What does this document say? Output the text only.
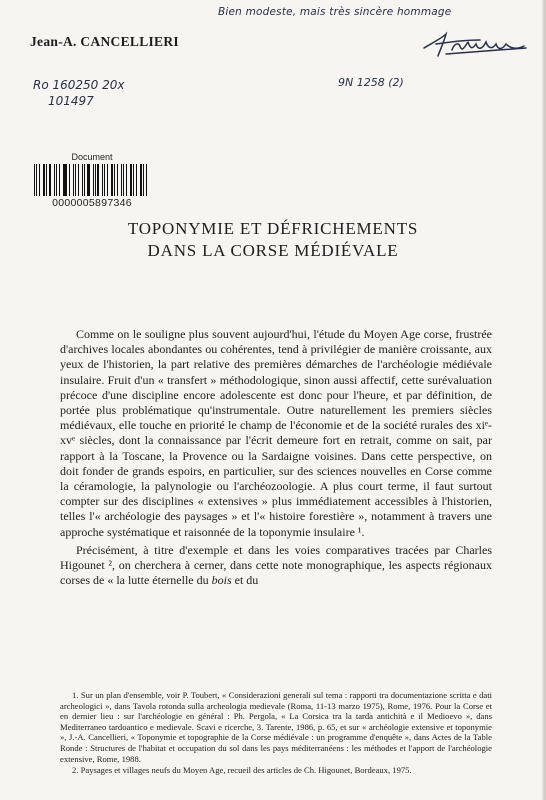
Bien modeste, mais très sincère hommage
Jean-A. CANCELLIERI
Ro 160250 20x
101497
9N 1258 (2)
Document
0000005897346
TOPONYMIE ET DÉFRICHEMENTS
DANS LA CORSE MÉDIÉVALE

Comme on le souligne plus souvent aujourd'hui, l'étude du Moyen Age corse, frustrée d'archives locales abondantes ou cohérentes, tend à privilégier de manière croissante, aux yeux de l'historien, la part relative des premières démarches de l'archéologie médiévale insulaire. Fruit d'un « transfert » méthodologique, sinon aussi affectif, cette surévaluation précoce d'une discipline encore adolescente est donc pour l'heure, et par définition, de portée plus problématique qu'instrumentale. Outre naturellement les premiers siècles médiévaux, elle touche en priorité le champ de l'économie et de la société rurales des xiᵉ-xvᵉ siècles, dont la connaissance par l'écrit demeure fort en retrait, comme on sait, par rapport à la Toscane, la Provence ou la Sardaigne voisines. Dans cette perspective, on doit fonder de grands espoirs, en particulier, sur des sciences nouvelles en Corse comme la céramologie, la palynologie ou l'archéozoologie. A plus court terme, il faut surtout compter sur des disciplines « extensives » plus immédiatement accessibles à l'historien, telles l'« archéologie des paysages » et l'« histoire forestière », notamment à travers une approche systématique et raisonnée de la toponymie insulaire ¹.

Précisément, à titre d'exemple et dans les voies comparatives tracées par Charles Higounet ², on cherchera à cerner, dans cette note monographique, les aspects régionaux corses de « la lutte éternelle du bois et du

1. Sur un plan d'ensemble, voir P. Toubert, « Considerazioni generali sul tema : rapporti tra documentazione scritta e dati archeologici », dans Tavola rotonda sulla archeologia medievale (Roma, 11-13 marzo 1975), Rome, 1976. Pour la Corse et en dernier lieu : sur l'archéologie en général : Ph. Pergola, « La Corsica tra la tarda antichità e il Medioevo », dans Mediterraneo tardoantico e medievale. Scavi e ricerche, 3. Tarente, 1986, p. 65, et sur « archéologie extensive et toponymie », J.-A. Cancellieri, « Toponymie et topographie de la Corse médiévale : un programme d'enquête », dans Actes de la Table Ronde : Structures de l'habitat et occupation du sol dans les pays méditerranéens : les méthodes et l'apport de l'archéologie extensive, Rome, 1988.

2. Paysages et villages neufs du Moyen Age, recueil des articles de Ch. Higounet, Bordeaux, 1975.
